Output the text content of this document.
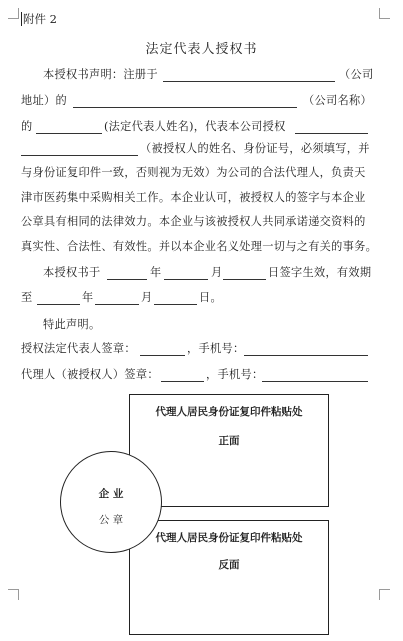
附件 2
法定代表人授权书
本授权书声明：注册于	（公司
地址）的	（公司名称）
的	(法定代表人姓名)，代表本公司授权
（被授权人的姓名、身份证号，必须填写，并
与身份证复印件一致，否则视为无效）为公司的合法代理人，负责天
津市医药集中采购相关工作。本企业认可，被授权人的签字与本企业
公章具有相同的法律效力。本企业与该被授权人共同承诺递交资料的
真实性、合法性、有效性。并以本企业名义处理一切与之有关的事务。
本授权书于	年	月	日签字生效，有效期
至	年	月	日。
特此声明。
授权法定代表人签章：	，手机号：
代理人（被授权人）签章：	，手机号：
代理人居民身份证复印件粘贴处
正面
代理人居民身份证复印件粘贴处
反面
企 业
公 章
